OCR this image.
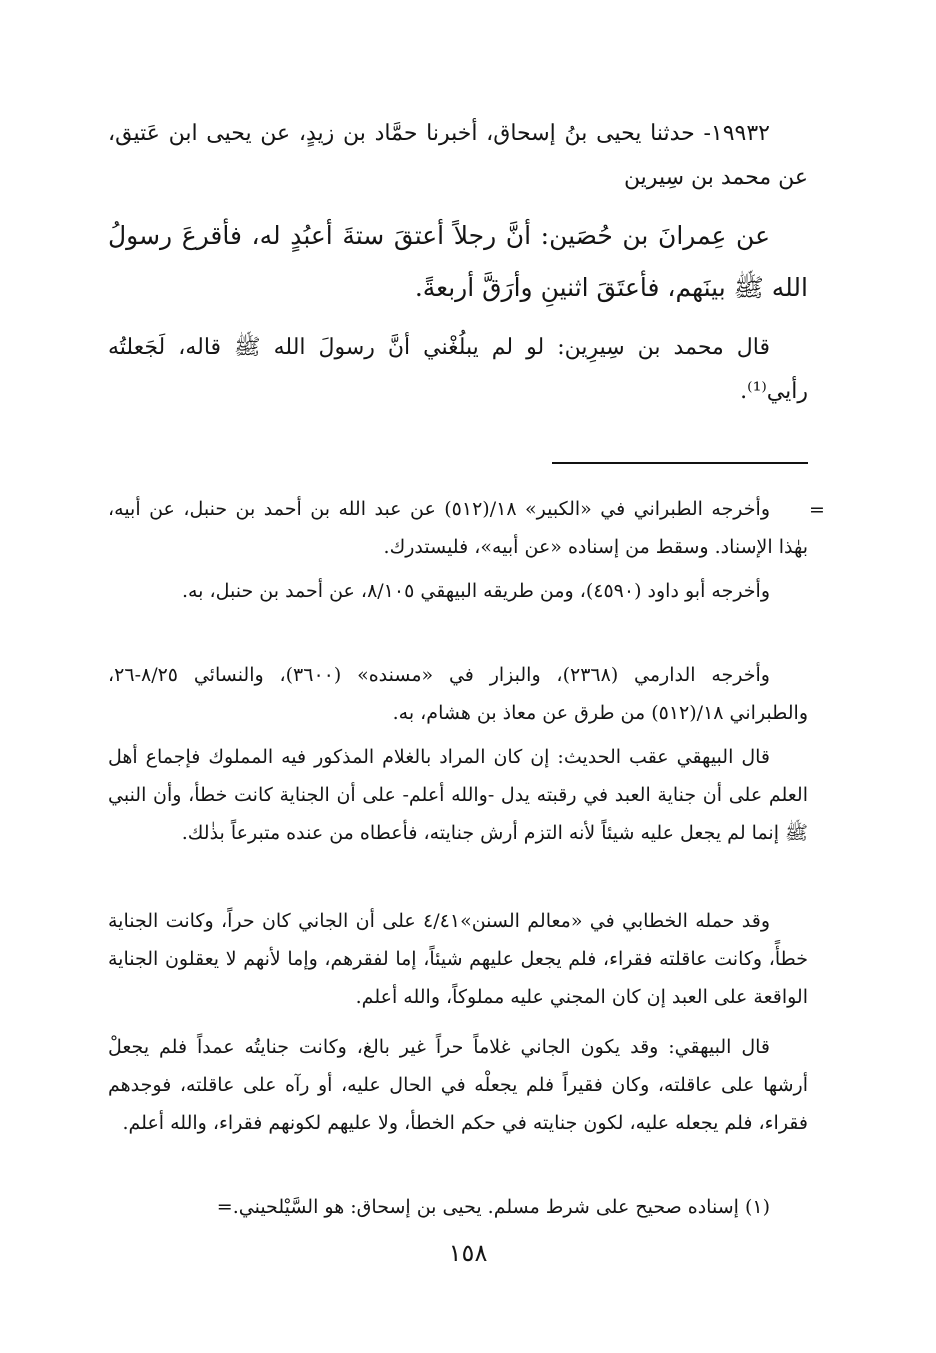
١٩٩٣٢- حدثنا يحيى بنُ إسحاق، أخبرنا حمَّاد بن زيدٍ، عن يحيى ابن عَتيق، عن محمد بن سِيرين
عن عِمرانَ بن حُصَين: أنَّ رجلاً أعتقَ ستةَ أعبُدٍ له، فأقرعَ رسولُ الله ﷺ بينَهم، فأعتَقَ اثنينِ وأرَقَّ أربعةً.
قال محمد بن سِيرِين: لو لم يبلُغْني أنَّ رسولَ الله ﷺ قاله، لَجَعلتُه رأيي⁽¹⁾.
=
وأخرجه الطبراني في «الكبير» ١٨/(٥١٢) عن عبد الله بن أحمد بن حنبل، عن أبيه، بهٰذا الإسناد. وسقط من إسناده «عن أبيه»، فليستدرك.
وأخرجه أبو داود (٤٥٩٠)، ومن طريقه البيهقي ٨/١٠٥، عن أحمد بن حنبل، به.
وأخرجه الدارمي (٢٣٦٨)، والبزار في «مسنده» (٣٦٠٠)، والنسائي ٨/٢٥-٢٦، والطبراني ١٨/(٥١٢) من طرق عن معاذ بن هشام، به.
قال البيهقي عقب الحديث: إن كان المراد بالغلام المذكور فيه المملوك فإجماع أهل العلم على أن جناية العبد في رقبته يدل -والله أعلم- على أن الجناية كانت خطأ، وأن النبي ﷺ إنما لم يجعل عليه شيئاً لأنه التزم أرش جنايته، فأعطاه من عنده متبرعاً بذٰلك.
وقد حمله الخطابي في «معالم السنن»٤/٤١ على أن الجاني كان حراً، وكانت الجناية خطأً، وكانت عاقلته فقراء، فلم يجعل عليهم شيئاً، إما لفقرهم، وإما لأنهم لا يعقلون الجناية الواقعة على العبد إن كان المجني عليه مملوكاً، والله أعلم.
قال البيهقي: وقد يكون الجاني غلاماً حراً غير بالغ، وكانت جنايتُه عمداً فلم يجعلْ أرشها على عاقلته، وكان فقيراً فلم يجعلْه في الحال عليه، أو رآه على عاقلته، فوجدهم فقراء، فلم يجعله عليه، لكون جنايته في حكم الخطأ، ولا عليهم لكونهم فقراء، والله أعلم.
(١) إسناده صحيح على شرط مسلم. يحيى بن إسحاق: هو السَّيْلحيني.=
١٥٨
